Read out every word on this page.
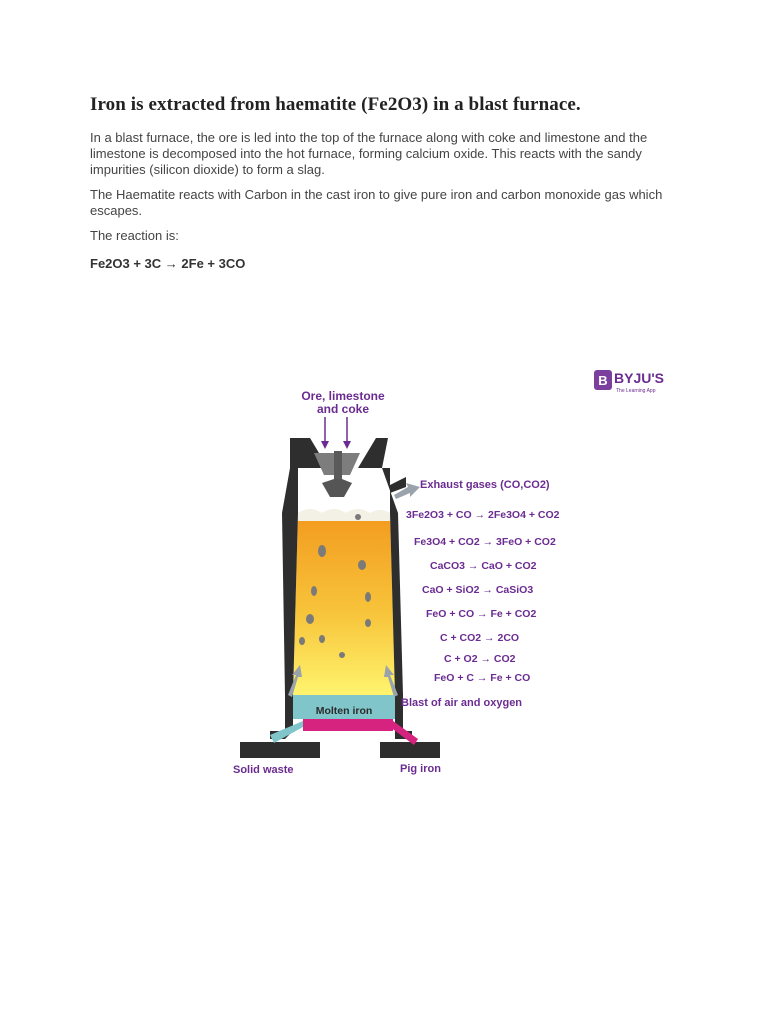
Iron is extracted from haematite (Fe2O3) in a blast furnace.

In a blast furnace, the ore is led into the top of the furnace along with coke and limestone and the limestone is decomposed into the hot furnace, forming calcium oxide. This reacts with the sandy impurities (silicon dioxide) to form a slag.

The Haematite reacts with Carbon in the cast iron to give pure iron and carbon monoxide gas which escapes.

The reaction is:

Fe2O3 + 3C → 2Fe + 3CO

B BYJU'S
The Learning App
Ore, limestone
and coke
Exhaust gases (CO,CO2)
Blast of air and oxygen
Molten iron
Solid waste	Pig iron
3Fe2O3 + CO → 2Fe3O4 + CO2
Fe3O4 + CO2 → 3FeO + CO2
CaCO3 → CaO + CO2
CaO + SiO2 → CaSiO3
FeO + CO → Fe + CO2
C + CO2 → 2CO
C + O2 → CO2
FeO + C → Fe + CO
